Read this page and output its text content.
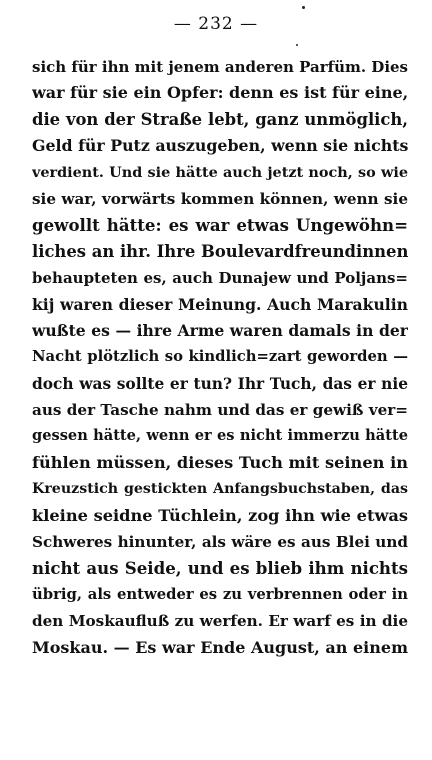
— 232 —
sich für ihn mit jenem anderen Parfüm. Dies
war für sie ein Opfer: denn es ist für eine,
die von der Straße lebt, ganz unmöglich,
Geld für Putz auszugeben, wenn sie nichts
verdient. Und sie hätte auch jetzt noch, so wie
sie war, vorwärts kommen können, wenn sie
gewollt hätte: es war etwas Ungewöhn=
liches an ihr. Ihre Boulevardfreundinnen
behaupteten es, auch Dunajew und Poljans=
kij waren dieser Meinung. Auch Marakulin
wußte es — ihre Arme waren damals in der
Nacht plötzlich so kindlich=zart geworden —
doch was sollte er tun? Ihr Tuch, das er nie
aus der Tasche nahm und das er gewiß ver=
gessen hätte, wenn er es nicht immerzu hätte
fühlen müssen, dieses Tuch mit seinen in
Kreuzstich gestickten Anfangsbuchstaben, das
kleine seidne Tüchlein, zog ihn wie etwas
Schweres hinunter, als wäre es aus Blei und
nicht aus Seide, und es blieb ihm nichts
übrig, als entweder es zu verbrennen oder in
den Moskaufluß zu werfen. Er warf es in die
Moskau. — Es war Ende August, an einem
